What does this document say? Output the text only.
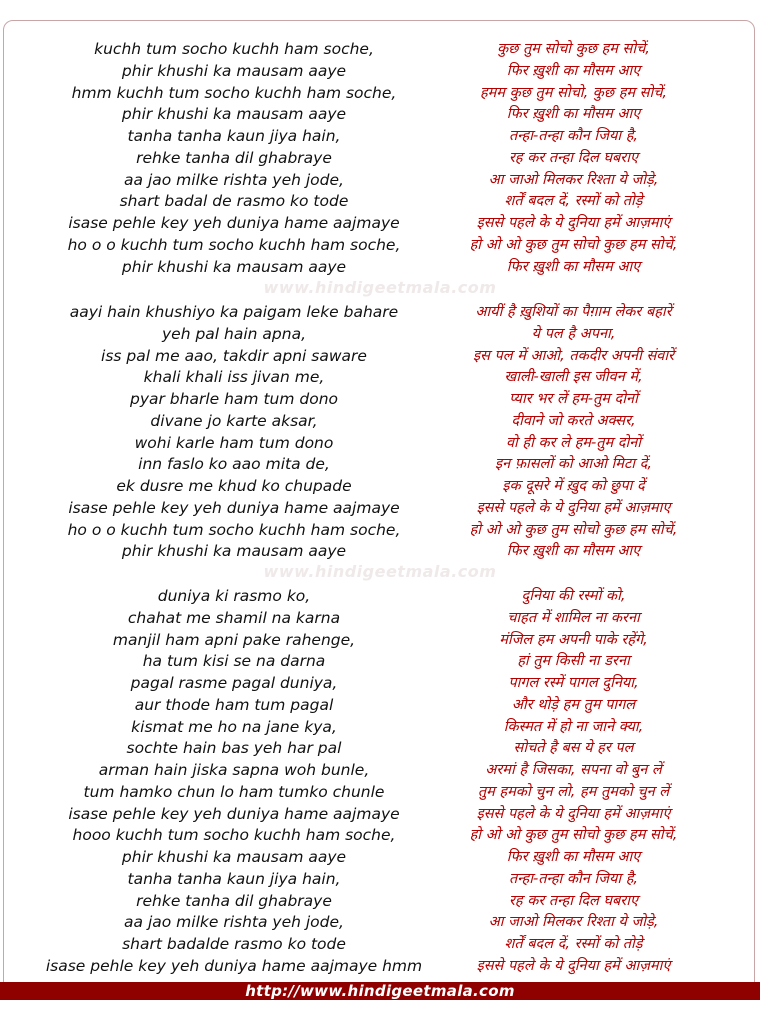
www.hindigeetmala.com
www.hindigeetmala.com
kuchh tum socho kuchh ham soche,	कुछ तुम सोचो कुछ हम सोचें,
phir khushi ka mausam aaye	फिर ख़ुशी का मौसम आए
hmm kuchh tum socho kuchh ham soche,	हमम कुछ तुम सोचो, कुछ हम सोचें,
phir khushi ka mausam aaye	फिर ख़ुशी का मौसम आए
tanha tanha kaun jiya hain,	तन्हा-तन्हा कौन जिया है,
rehke tanha dil ghabraye	रह कर तन्हा दिल घबराए
aa jao milke rishta yeh jode,	आ जाओ मिलकर रिश्ता ये जोड़े,
shart badal de rasmo ko tode	शर्तें बदल दें, रस्मों को तोड़े
isase pehle key yeh duniya hame aajmaye	इससे पहले के ये दुनिया हमें आज़माएं
ho o o kuchh tum socho kuchh ham soche,	हो ओ ओ कुछ तुम सोचो कुछ हम सोचें,
phir khushi ka mausam aaye	फिर ख़ुशी का मौसम आए
aayi hain khushiyo ka paigam leke bahare	आयीं है ख़ुशियों का पैग़ाम लेकर बहारें
yeh pal hain apna,	ये पल है अपना,
iss pal me aao, takdir apni saware	इस पल में आओ, तकदीर अपनी संवारें
khali khali iss jivan me,	खाली-खाली इस जीवन में,
pyar bharle ham tum dono	प्यार भर लें हम-तुम दोनों
divane jo karte aksar,	दीवाने जो करते अक्सर,
wohi karle ham tum dono	वो ही कर ले हम-तुम दोनों
inn faslo ko aao mita de,	इन फ़ासलों को आओ मिटा दें,
ek dusre me khud ko chupade	इक दूसरे में ख़ुद को छुपा दें
isase pehle key yeh duniya hame aajmaye	इससे पहले के ये दुनिया हमें आज़माए
ho o o kuchh tum socho kuchh ham soche,	हो ओ ओ कुछ तुम सोचो कुछ हम सोचें,
phir khushi ka mausam aaye	फिर ख़ुशी का मौसम आए
duniya ki rasmo ko,	दुनिया की रस्मों को,
chahat me shamil na karna	चाहत में शामिल ना करना
manjil ham apni pake rahenge,	मंजिल हम अपनी पाके रहेंगे,
ha tum kisi se na darna	हां तुम किसी ना डरना
pagal rasme pagal duniya,	पागल रस्में पागल दुनिया,
aur thode ham tum pagal	और थोड़े हम तुम पागल
kismat me ho na jane kya,	किस्मत में हो ना जाने क्या,
sochte hain bas yeh har pal	सोचते है बस ये हर पल
arman hain jiska sapna woh bunle,	अरमां है जिसका, सपना वो बुन लें
tum hamko chun lo ham tumko chunle	तुम हमको चुन लो, हम तुमको चुन लें
isase pehle key yeh duniya hame aajmaye	इससे पहले के ये दुनिया हमें आज़माएं
hooo kuchh tum socho kuchh ham soche,	हो ओ ओ कुछ तुम सोचो कुछ हम सोचें,
phir khushi ka mausam aaye	फिर ख़ुशी का मौसम आए
tanha tanha kaun jiya hain,	तन्हा-तन्हा कौन जिया है,
rehke tanha dil ghabraye	रह कर तन्हा दिल घबराए
aa jao milke rishta yeh jode,	आ जाओ मिलकर रिश्ता ये जोड़े,
shart badalde rasmo ko tode	शर्तें बदल दें, रस्मों को तोड़े
isase pehle key yeh duniya hame aajmaye hmm	इससे पहले के ये दुनिया हमें आज़माएं
http://www.hindigeetmala.com
